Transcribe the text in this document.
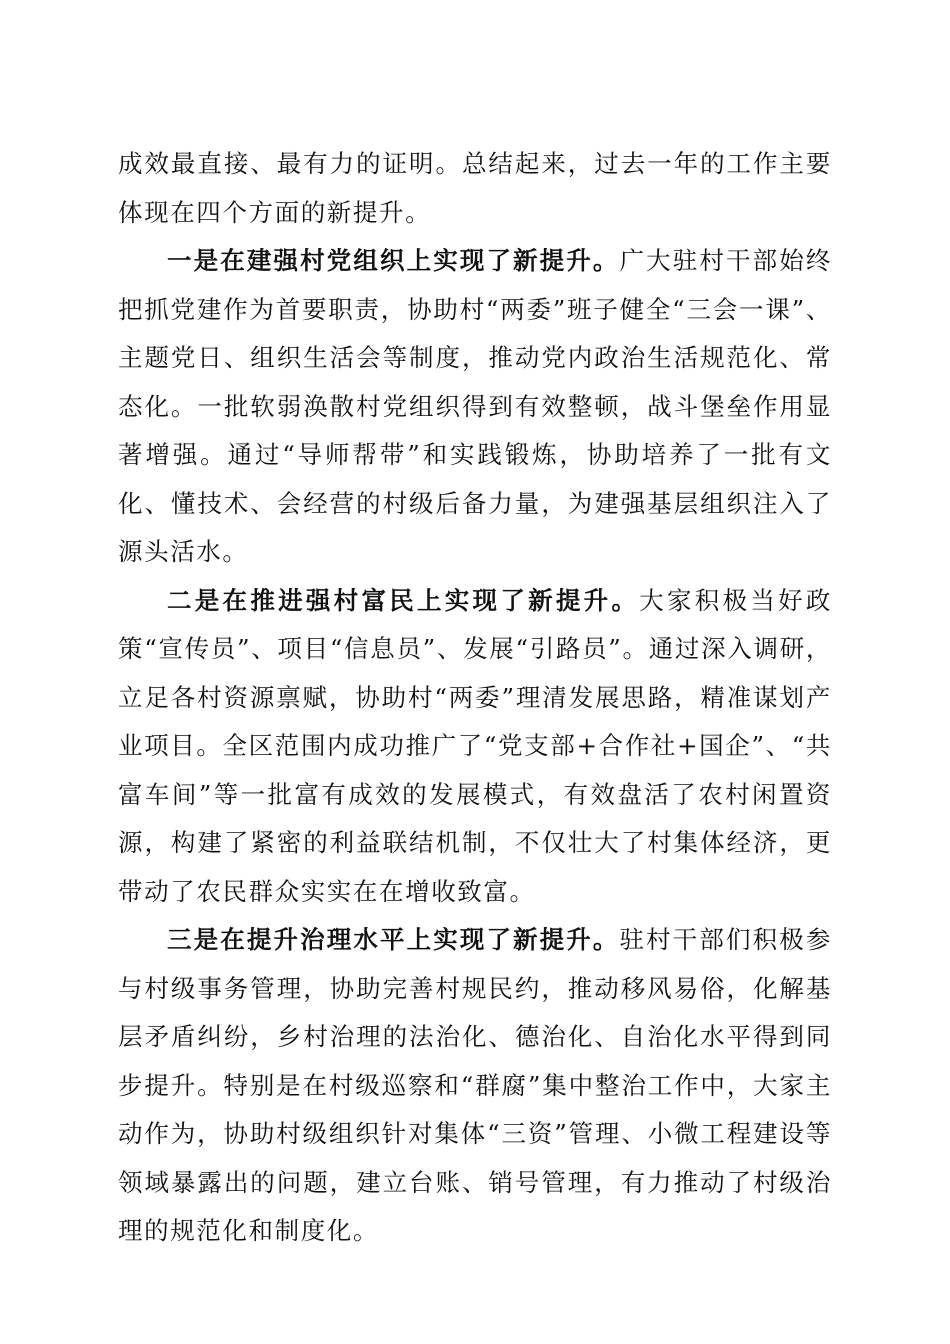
成效最直接、最有力的证明。总结起来，过去一年的工作主要体现在四个方面的新提升。

一是在建强村党组织上实现了新提升。广大驻村干部始终把抓党建作为首要职责，协助村“两委”班子健全“三会一课”、主题党日、组织生活会等制度，推动党内政治生活规范化、常态化。一批软弱涣散村党组织得到有效整顿，战斗堡垒作用显著增强。通过“导师帮带”和实践锻炼，协助培养了一批有文化、懂技术、会经营的村级后备力量，为建强基层组织注入了源头活水。

二是在推进强村富民上实现了新提升。大家积极当好政策“宣传员”、项目“信息员”、发展“引路员”。通过深入调研，立足各村资源禀赋，协助村“两委”理清发展思路，精准谋划产业项目。全区范围内成功推广了“党支部+合作社+国企”、“共富车间”等一批富有成效的发展模式，有效盘活了农村闲置资源，构建了紧密的利益联结机制，不仅壮大了村集体经济，更带动了农民群众实实在在增收致富。

三是在提升治理水平上实现了新提升。驻村干部们积极参与村级事务管理，协助完善村规民约，推动移风易俗，化解基层矛盾纠纷，乡村治理的法治化、德治化、自治化水平得到同步提升。特别是在村级巡察和“群腐”集中整治工作中，大家主动作为，协助村级组织针对集体“三资”管理、小微工程建设等领域暴露出的问题，建立台账、销号管理，有力推动了村级治理的规范化和制度化。
